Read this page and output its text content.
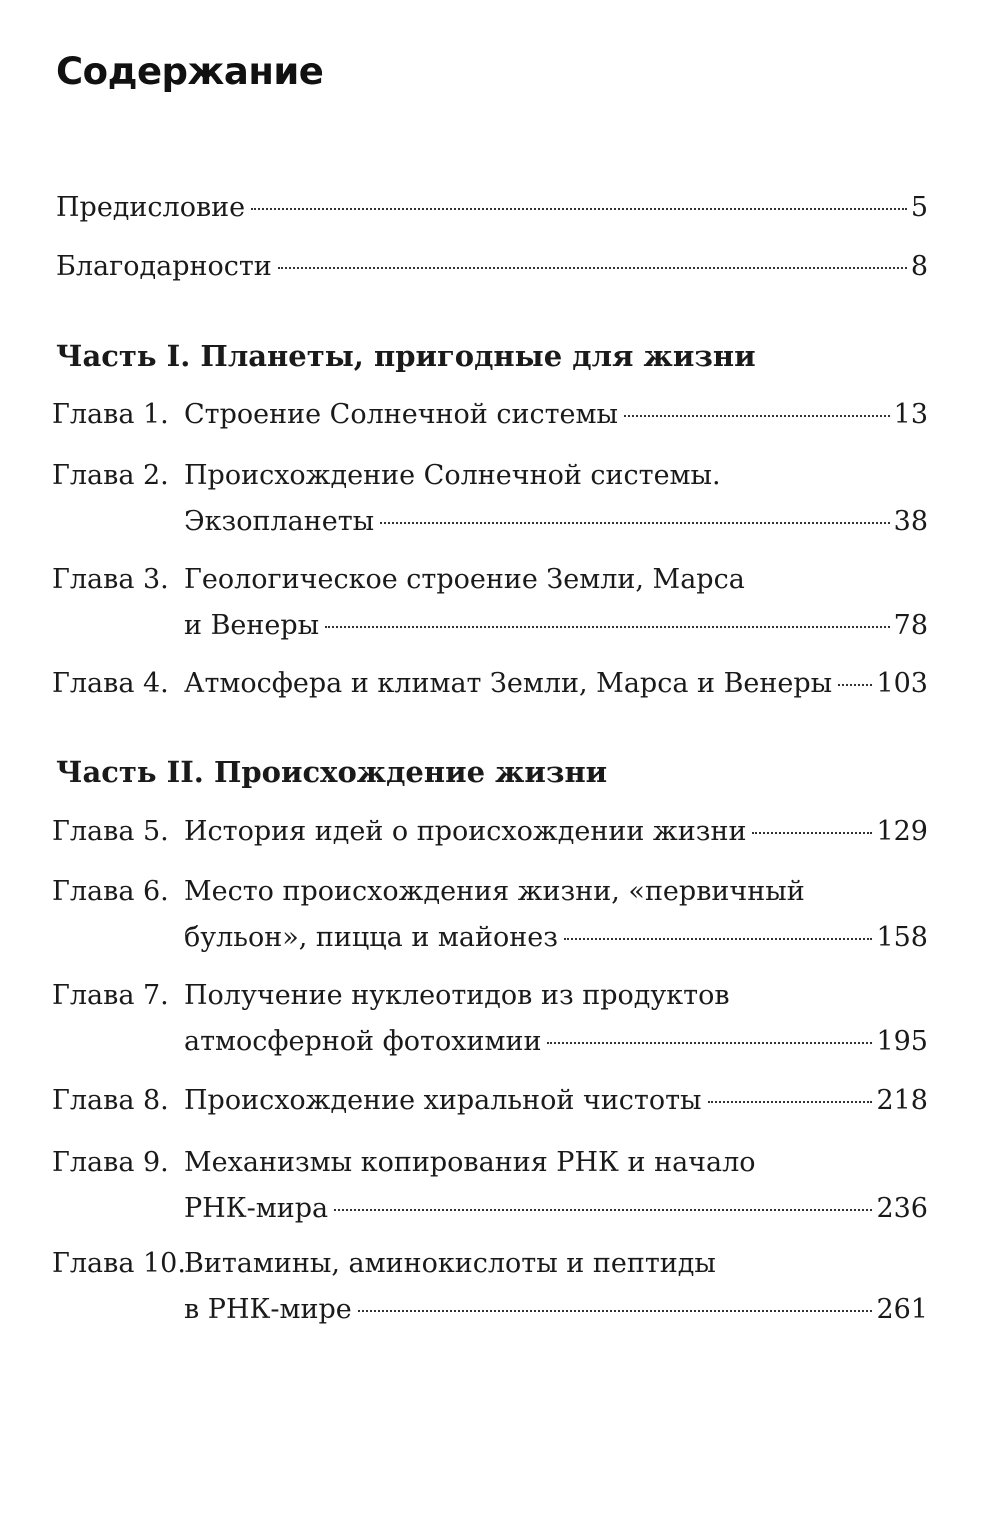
Содержание
Предисловие	5
Благодарности	8
Часть I. Планеты, пригодные для жизни
Глава 1. Строение Солнечной системы	13
Глава 2. Происхождение Солнечной системы.
Экзопланеты	38
Глава 3. Геологическое строение Земли, Марса
и Венеры	78
Глава 4. Атмосфера и климат Земли, Марса и Венеры 103
Часть II. Происхождение жизни
Глава 5. История идей о происхождении жизни	129
Глава 6. Место происхождения жизни, «первичный
бульон», пицца и майонез	158
Глава 7. Получение нуклеотидов из продуктов
атмосферной фотохимии	195
Глава 8. Происхождение хиральной чистоты	218
Глава 9. Механизмы копирования РНК и начало
РНК-мира	236
Глава 10.
Витамины, аминокислоты и пептиды
в РНК-мире	261
